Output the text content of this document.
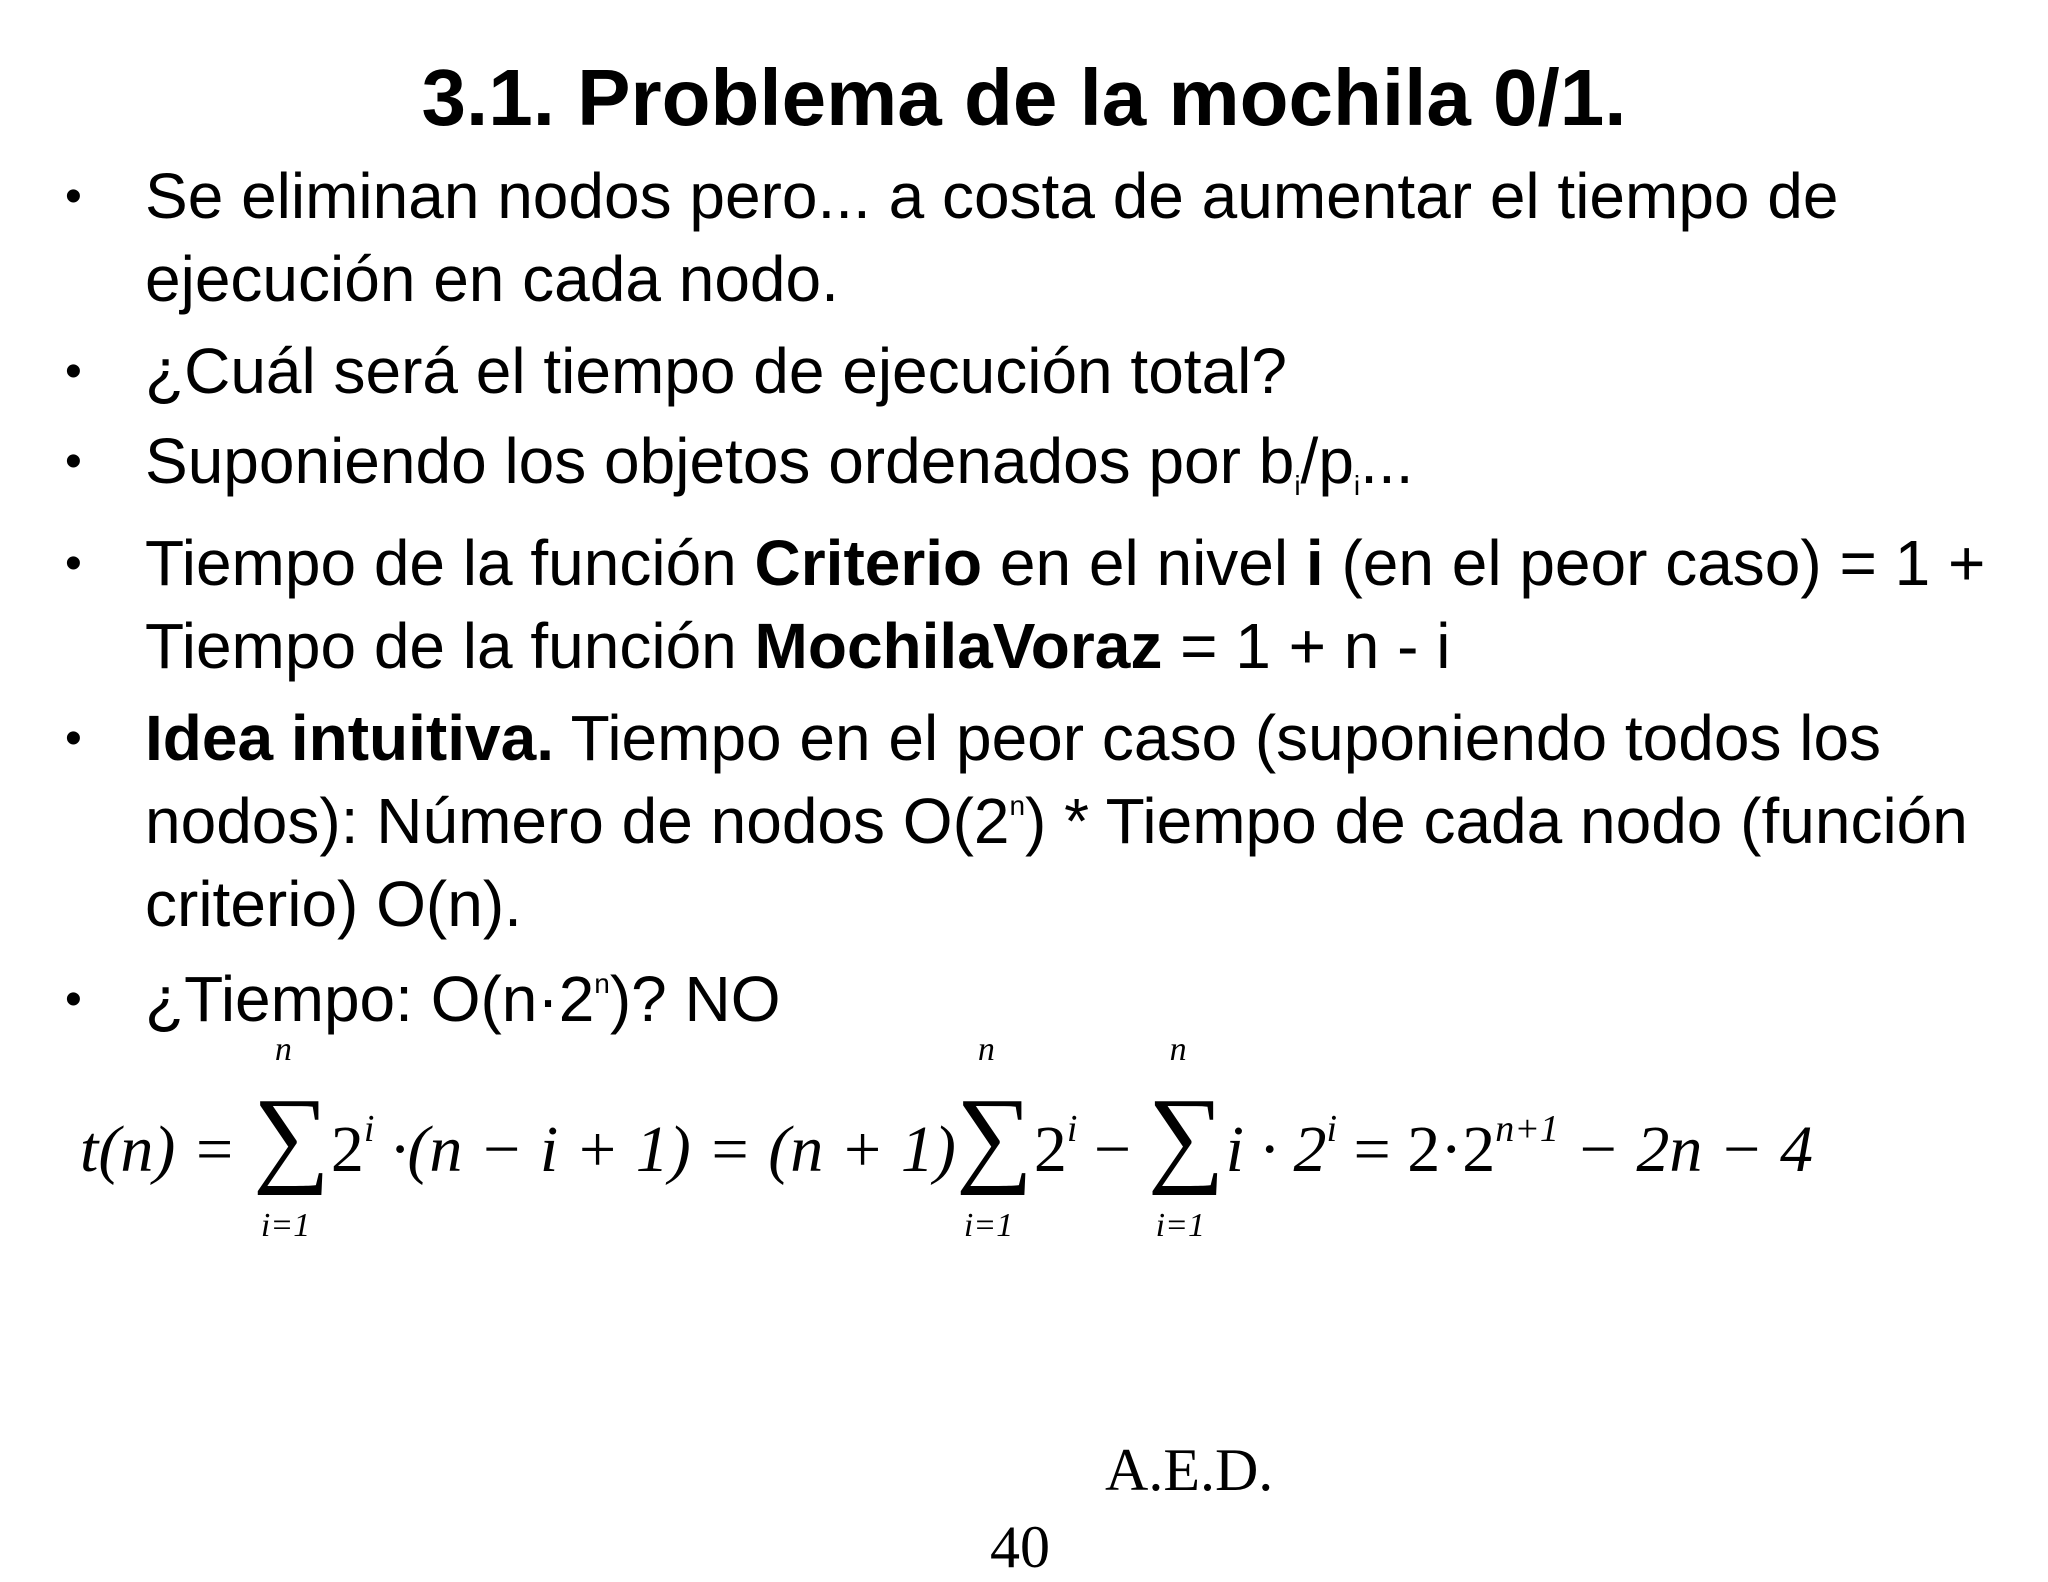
3.1. Problema de la mochila 0/1.
• Se eliminan nodos pero... a costa de aumentar el tiempo de ejecución en cada nodo.
• ¿Cuál será el tiempo de ejecución total?
• Suponiendo los objetos ordenados por $b_i/p_i$...
• Tiempo de la función Criterio en el nivel i (en el peor caso) = 1 + Tiempo de la función MochilaVoraz = 1 + n - i
• Idea intuitiva. Tiempo en el peor caso (suponiendo todos los nodos): Número de nodos O(2$^n$) * Tiempo de cada nodo (función criterio) O(n).
• ¿Tiempo: $O(n\cdot 2^n)$? NO
t(n) = ∑
n
i=1
$2^i \cdot(n - i + 1) = (n + 1)$ ∑
n
i=1
$2^i$ − ∑
n
i=1
$i \cdot 2^i = 2\cdot 2^{n+1} - 2n - 4$
A.E.D.
40
